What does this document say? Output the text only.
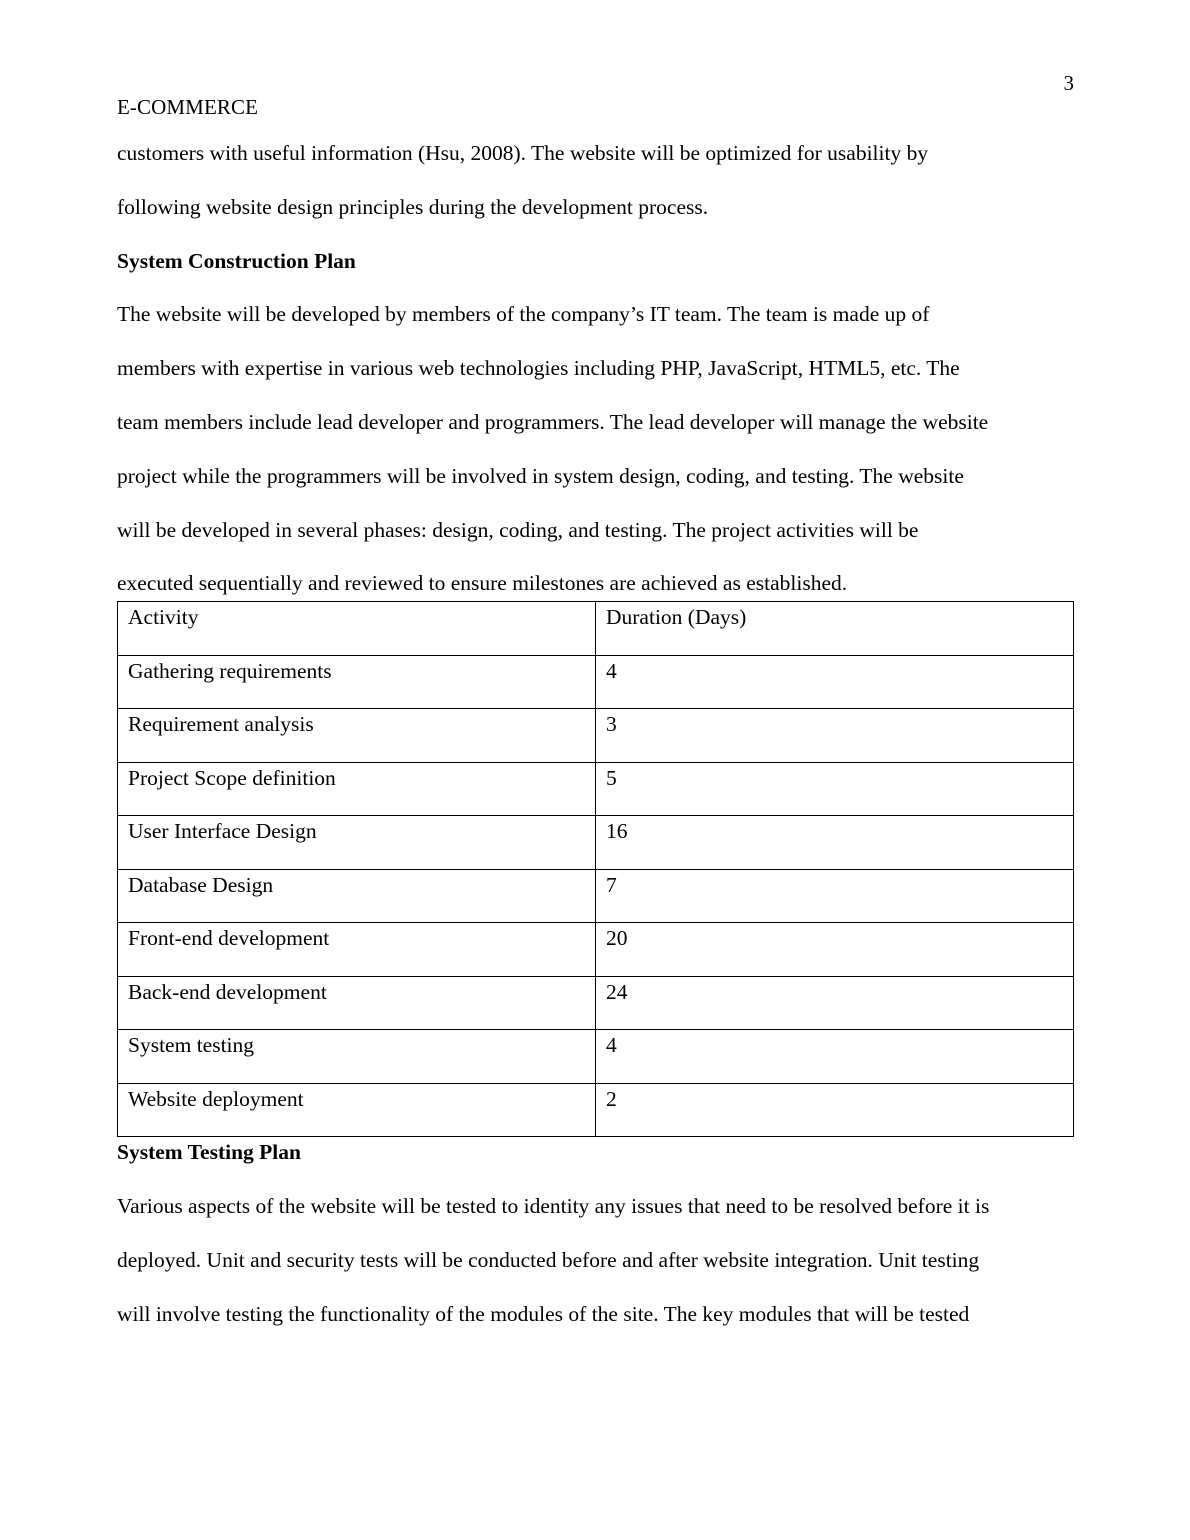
3
E-COMMERCE
customers with useful information (Hsu, 2008). The website will be optimized for usability by
following website design principles during the development process.
System Construction Plan
The website will be developed by members of the company’s IT team. The team is made up of
members with expertise in various web technologies including PHP, JavaScript, HTML5, etc. The
team members include lead developer and programmers. The lead developer will manage the website
project while the programmers will be involved in system design, coding, and testing. The website
will be developed in several phases: design, coding, and testing. The project activities will be
executed sequentially and reviewed to ensure milestones are achieved as established.
Activity	Duration (Days)
Gathering requirements	4
Requirement analysis	3
Project Scope definition	5
User Interface Design	16
Database Design	7
Front-end development	20
Back-end development	24
System testing	4
Website deployment	2
System Testing Plan
Various aspects of the website will be tested to identity any issues that need to be resolved before it is
deployed. Unit and security tests will be conducted before and after website integration. Unit testing
will involve testing the functionality of the modules of the site. The key modules that will be tested
